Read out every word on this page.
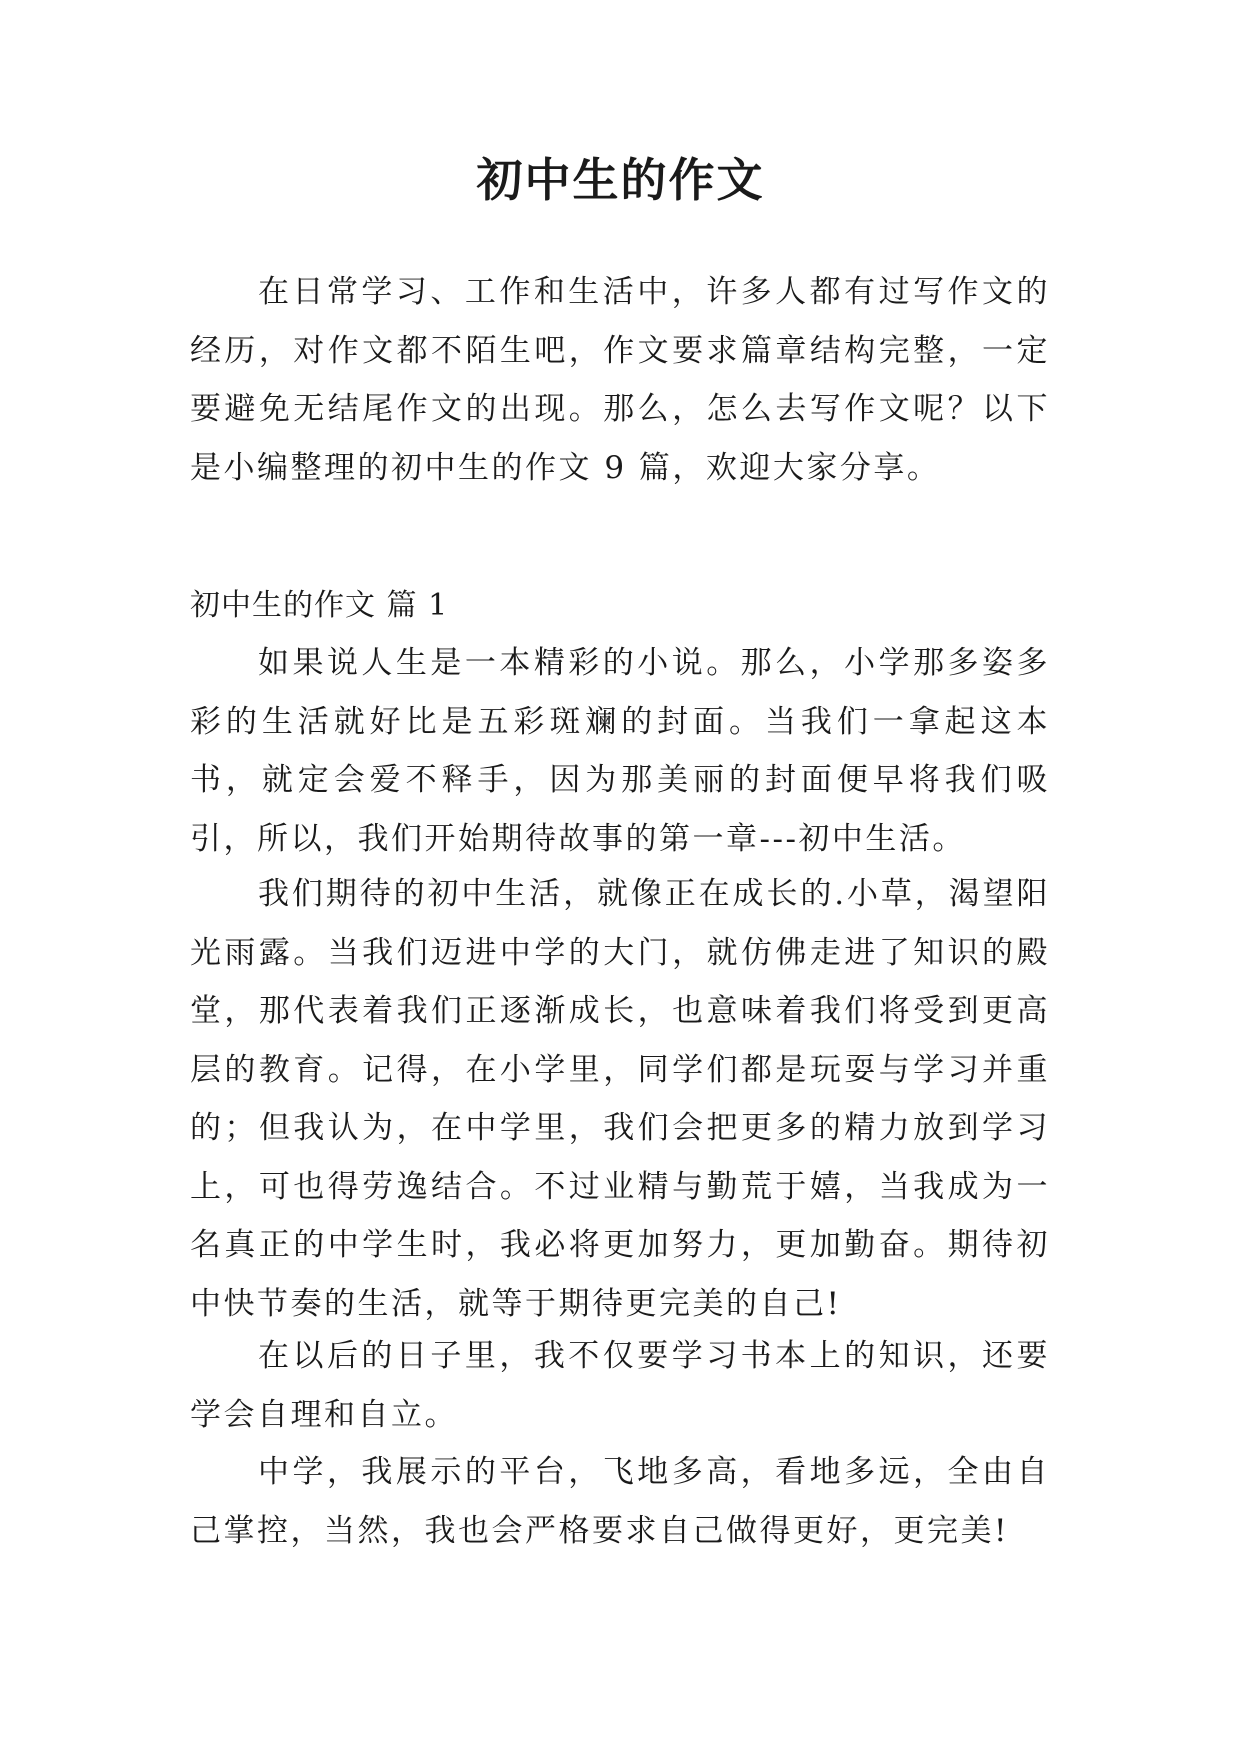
初中生的作文

在日常学习、工作和生活中，许多人都有过写作文的经历，对作文都不陌生吧，作文要求篇章结构完整，一定要避免无结尾作文的出现。那么，怎么去写作文呢？以下是小编整理的初中生的作文 9 篇，欢迎大家分享。

初中生的作文 篇 1

如果说人生是一本精彩的小说。那么，小学那多姿多彩的生活就好比是五彩斑斓的封面。当我们一拿起这本书，就定会爱不释手，因为那美丽的封面便早将我们吸引，所以，我们开始期待故事的第一章---初中生活。

我们期待的初中生活，就像正在成长的.小草，渴望阳光雨露。当我们迈进中学的大门，就仿佛走进了知识的殿堂，那代表着我们正逐渐成长，也意味着我们将受到更高层的教育。记得，在小学里，同学们都是玩耍与学习并重的；但我认为，在中学里，我们会把更多的精力放到学习上，可也得劳逸结合。不过业精与勤荒于嬉，当我成为一名真正的中学生时，我必将更加努力，更加勤奋。期待初中快节奏的生活，就等于期待更完美的自己!

在以后的日子里，我不仅要学习书本上的知识，还要学会自理和自立。

中学，我展示的平台，飞地多高，看地多远，全由自己掌控，当然，我也会严格要求自己做得更好，更完美!
